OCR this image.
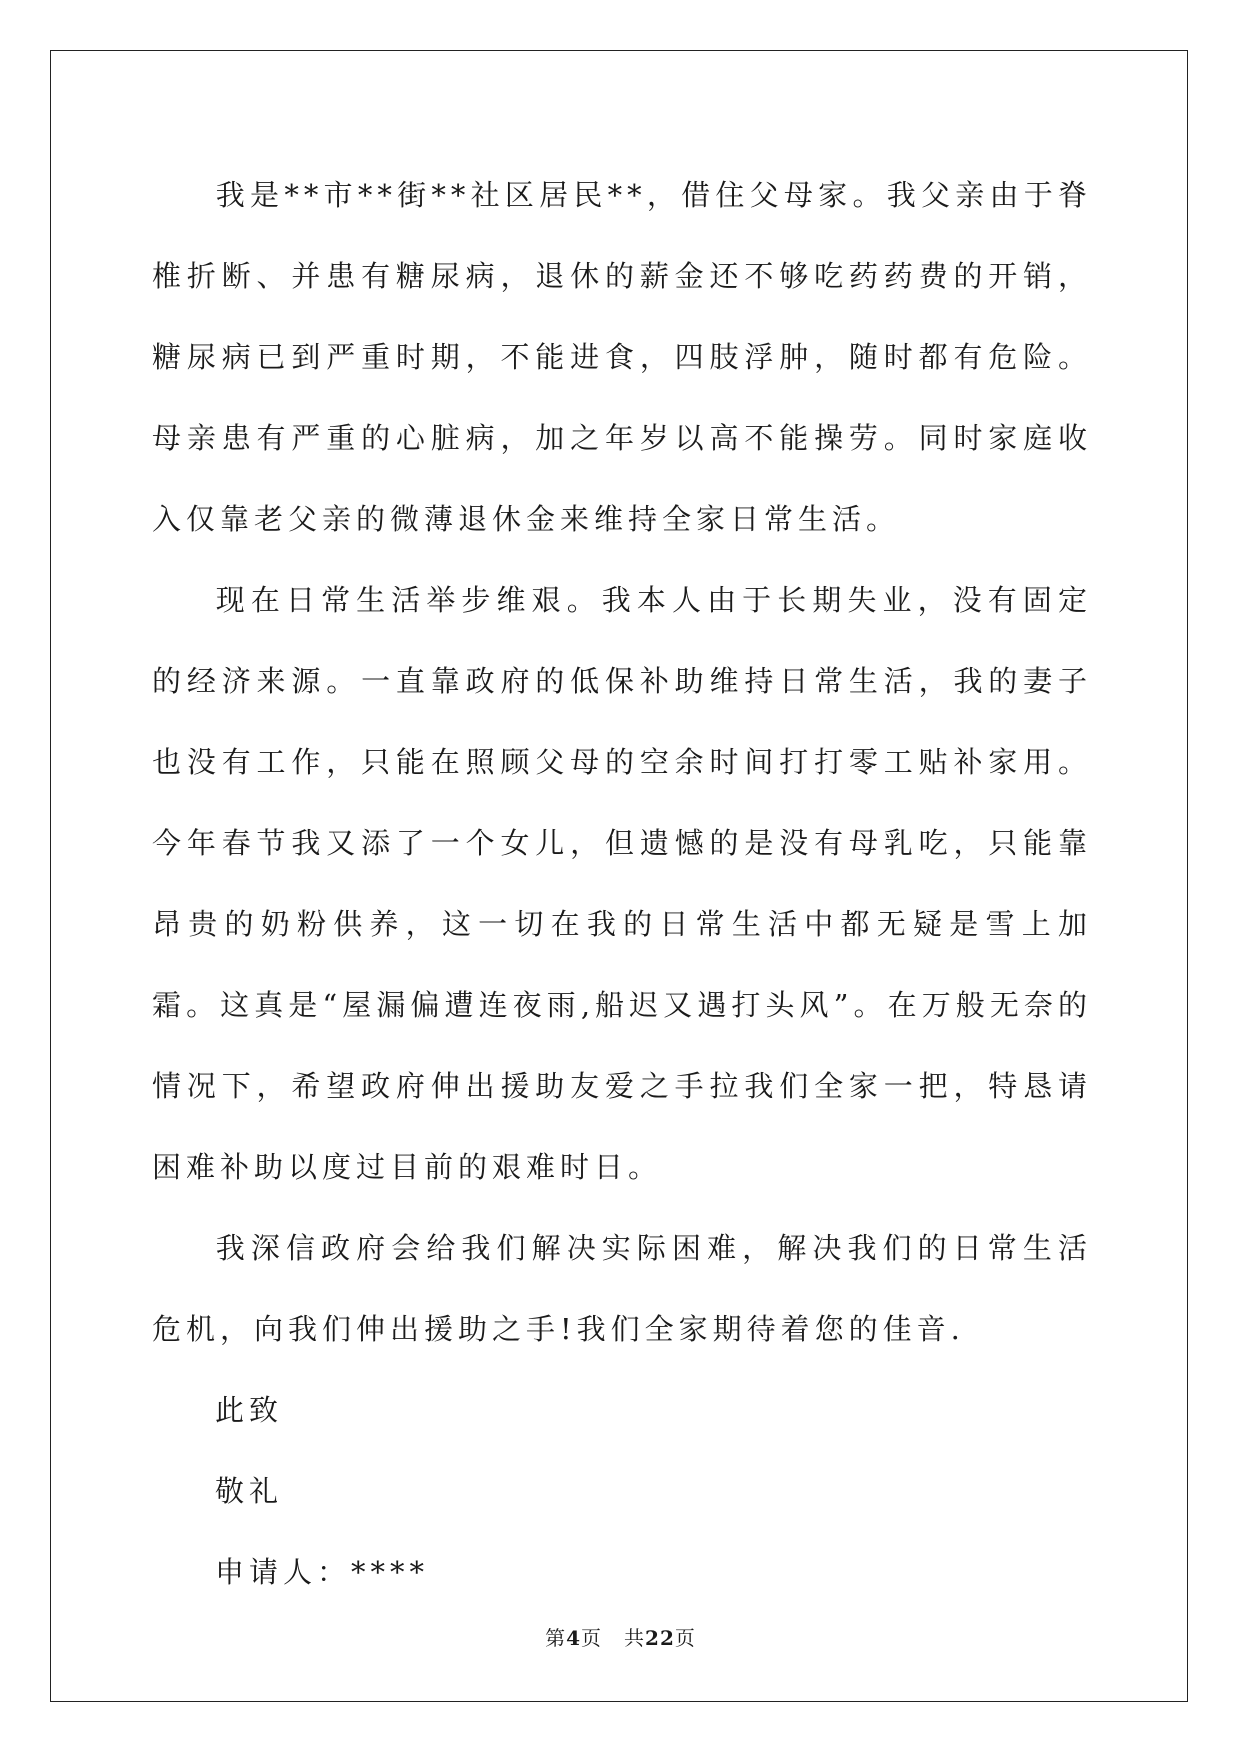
我是**市**街**社区居民**，借住父母家。我父亲由于脊椎折断、并患有糖尿病，退休的薪金还不够吃药药费的开销，糖尿病已到严重时期，不能进食，四肢浮肿，随时都有危险。母亲患有严重的心脏病，加之年岁以高不能操劳。同时家庭收入仅靠老父亲的微薄退休金来维持全家日常生活。

现在日常生活举步维艰。我本人由于长期失业，没有固定的经济来源。一直靠政府的低保补助维持日常生活，我的妻子也没有工作，只能在照顾父母的空余时间打打零工贴补家用。今年春节我又添了一个女儿，但遗憾的是没有母乳吃，只能靠昂贵的奶粉供养，这一切在我的日常生活中都无疑是雪上加霜。这真是“屋漏偏遭连夜雨,船迟又遇打头风”。在万般无奈的情况下，希望政府伸出援助友爱之手拉我们全家一把，特恳请困难补助以度过目前的艰难时日。

我深信政府会给我们解决实际困难，解决我们的日常生活危机，向我们伸出援助之手!我们全家期待着您的佳音.

此致

敬礼

申请人：****

第4页 共22页
